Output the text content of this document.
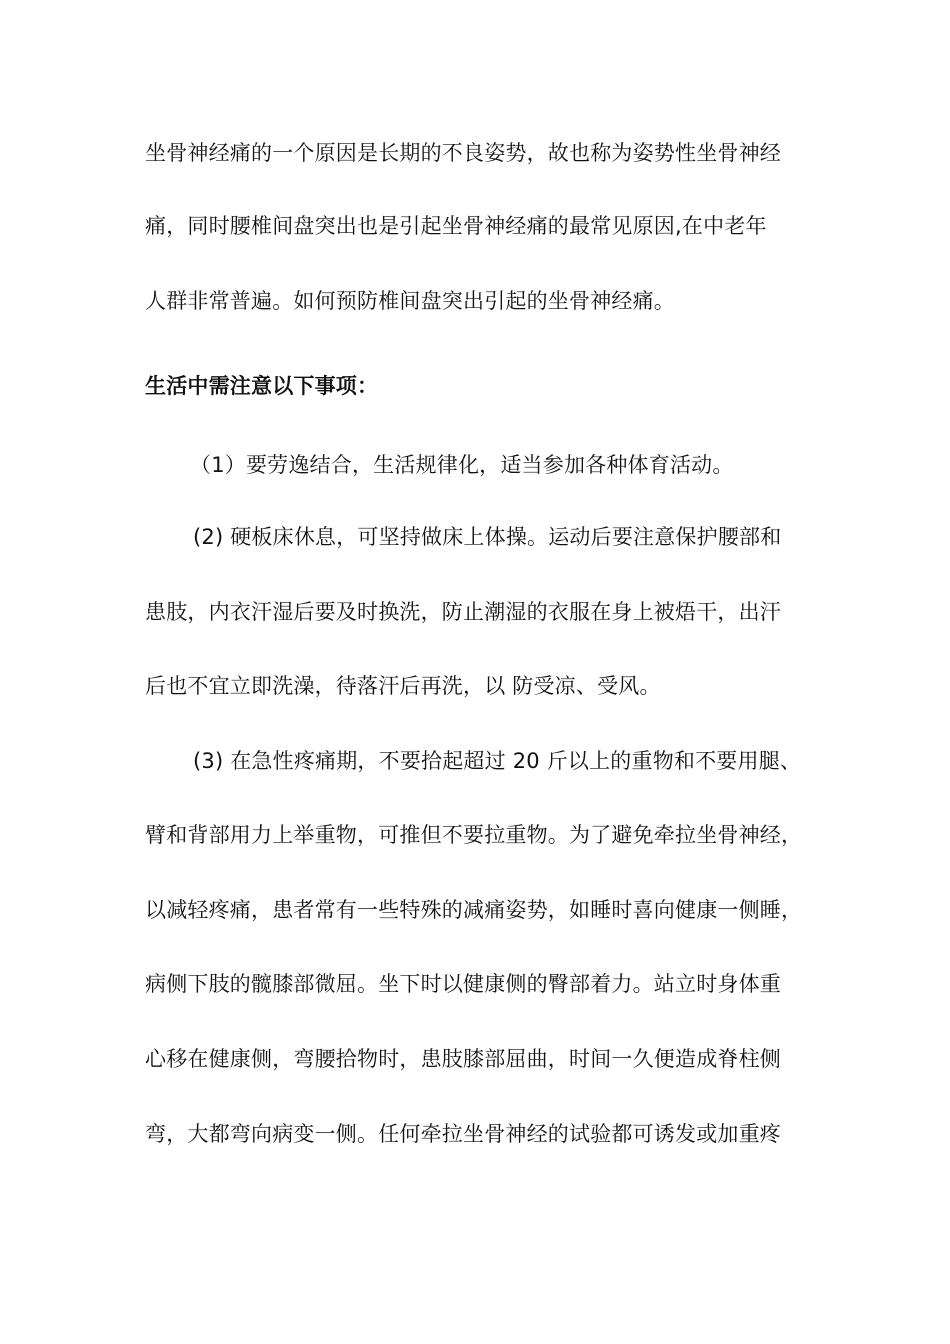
坐骨神经痛的一个原因是长期的不良姿势，故也称为姿势性坐骨神经
痛，同时腰椎间盘突出也是引起坐骨神经痛的最常见原因,在中老年
人群非常普遍。如何预防椎间盘突出引起的坐骨神经痛。
生活中需注意以下事项：
（1）要劳逸结合，生活规律化，适当参加各种体育活动。
(2) 硬板床休息，可坚持做床上体操。运动后要注意保护腰部和
患肢，内衣汗湿后要及时换洗，防止潮湿的衣服在身上被焐干，出汗
后也不宜立即洗澡，待落汗后再洗，以 防受凉、受风。
(3) 在急性疼痛期，不要拾起超过 20 斤以上的重物和不要用腿、
臂和背部用力上举重物，可推但不要拉重物。为了避免牵拉坐骨神经，
以减轻疼痛，患者常有一些特殊的减痛姿势，如睡时喜向健康一侧睡，
病侧下肢的髋膝部微屈。坐下时以健康侧的臀部着力。站立时身体重
心移在健康侧，弯腰拾物时，患肢膝部屈曲，时间一久便造成脊柱侧
弯，大都弯向病变一侧。任何牵拉坐骨神经的试验都可诱发或加重疼
